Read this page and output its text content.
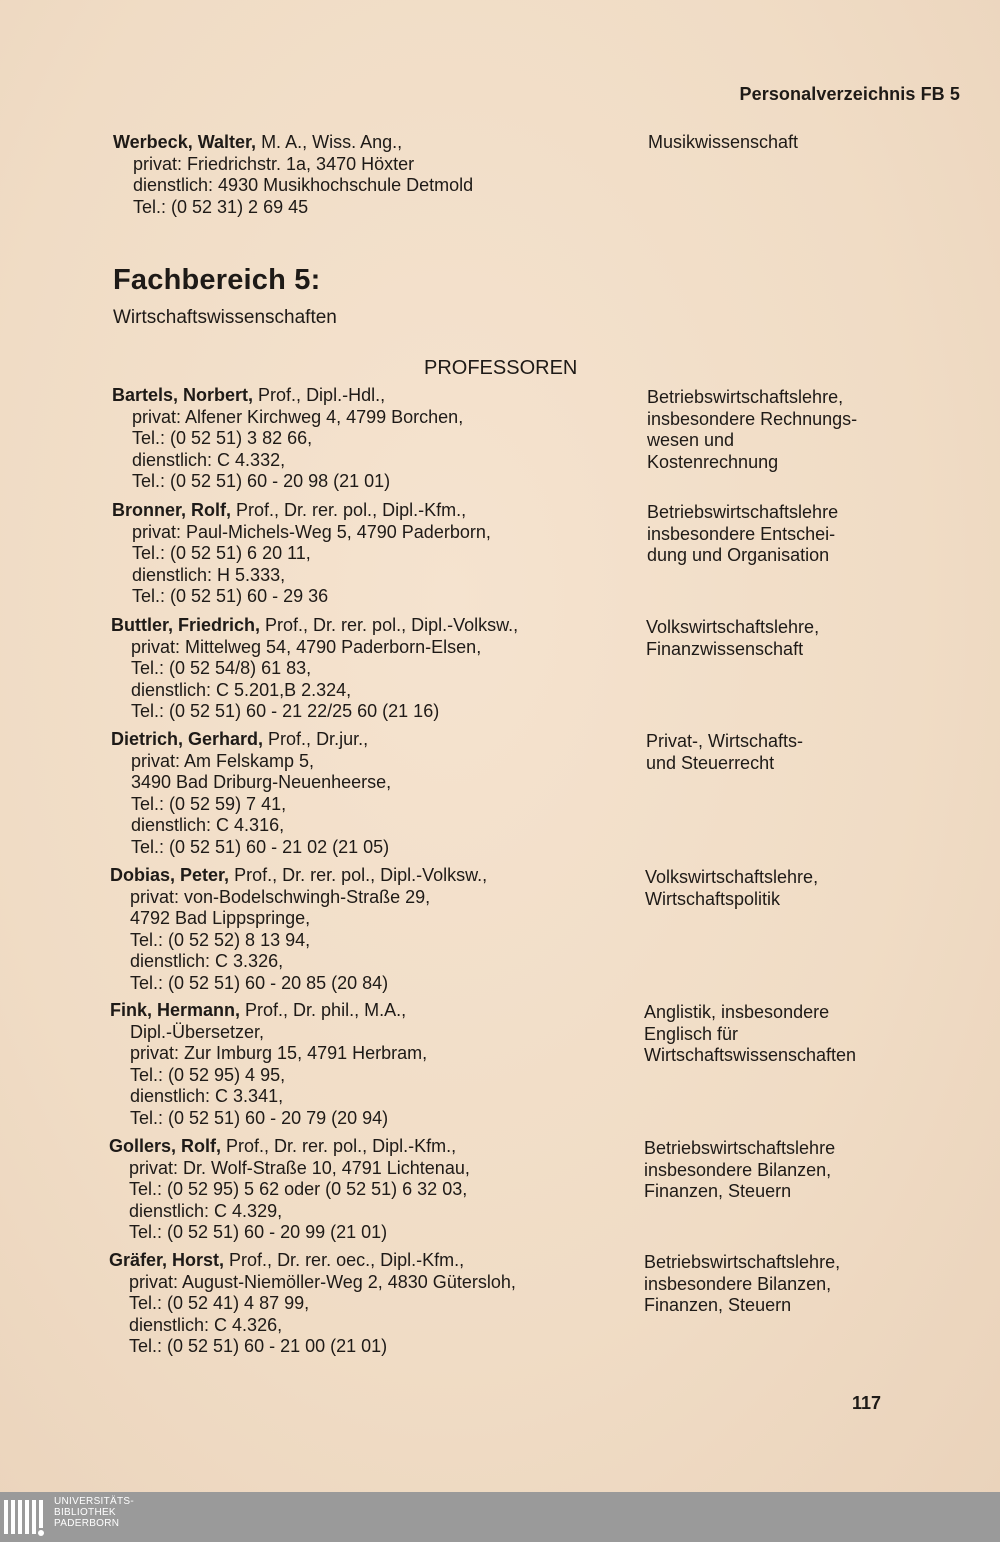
Personalverzeichnis FB 5
Werbeck, Walter, M. A., Wiss. Ang.,
privat: Friedrichstr. 1a, 3470 Höxter
dienstlich: 4930 Musikhochschule Detmold
Tel.: (0 52 31) 2 69 45
Musikwissenschaft
Fachbereich 5:
Wirtschaftswissenschaften
PROFESSOREN
Bartels, Norbert, Prof., Dipl.-Hdl.,
privat: Alfener Kirchweg 4, 4799 Borchen,
Tel.: (0 52 51) 3 82 66,
dienstlich: C 4.332,
Tel.: (0 52 51) 60 - 20 98 (21 01)
Betriebswirtschaftslehre,
insbesondere Rechnungs-
wesen und
Kostenrechnung
Bronner, Rolf, Prof., Dr. rer. pol., Dipl.-Kfm.,
privat: Paul-Michels-Weg 5, 4790 Paderborn,
Tel.: (0 52 51) 6 20 11,
dienstlich: H 5.333,
Tel.: (0 52 51) 60 - 29 36
Betriebswirtschaftslehre
insbesondere Entschei-
dung und Organisation
Buttler, Friedrich, Prof., Dr. rer. pol., Dipl.-Volksw.,
privat: Mittelweg 54, 4790 Paderborn-Elsen,
Tel.: (0 52 54/8) 61 83,
dienstlich: C 5.201,B 2.324,
Tel.: (0 52 51) 60 - 21 22/25 60 (21 16)
Volkswirtschaftslehre,
Finanzwissenschaft
Dietrich, Gerhard, Prof., Dr.jur.,
privat: Am Felskamp 5,
3490 Bad Driburg-Neuenheerse,
Tel.: (0 52 59) 7 41,
dienstlich: C 4.316,
Tel.: (0 52 51) 60 - 21 02 (21 05)
Privat-, Wirtschafts-
und Steuerrecht
Dobias, Peter, Prof., Dr. rer. pol., Dipl.-Volksw.,
privat: von-Bodelschwingh-Straße 29,
4792 Bad Lippspringe,
Tel.: (0 52 52) 8 13 94,
dienstlich: C 3.326,
Tel.: (0 52 51) 60 - 20 85 (20 84)
Volkswirtschaftslehre,
Wirtschaftspolitik
Fink, Hermann, Prof., Dr. phil., M.A.,
Dipl.-Übersetzer,
privat: Zur Imburg 15, 4791 Herbram,
Tel.: (0 52 95) 4 95,
dienstlich: C 3.341,
Tel.: (0 52 51) 60 - 20 79 (20 94)
Anglistik, insbesondere
Englisch für
Wirtschaftswissenschaften
Gollers, Rolf, Prof., Dr. rer. pol., Dipl.-Kfm.,
privat: Dr. Wolf-Straße 10, 4791 Lichtenau,
Tel.: (0 52 95) 5 62 oder (0 52 51) 6 32 03,
dienstlich: C 4.329,
Tel.: (0 52 51) 60 - 20 99 (21 01)
Betriebswirtschaftslehre
insbesondere Bilanzen,
Finanzen, Steuern
Gräfer, Horst, Prof., Dr. rer. oec., Dipl.-Kfm.,
privat: August-Niemöller-Weg 2, 4830 Gütersloh,
Tel.: (0 52 41) 4 87 99,
dienstlich: C 4.326,
Tel.: (0 52 51) 60 - 21 00 (21 01)
Betriebswirtschaftslehre,
insbesondere Bilanzen,
Finanzen, Steuern
117
UNIVERSITÄTS-
BIBLIOTHEK
PADERBORN
